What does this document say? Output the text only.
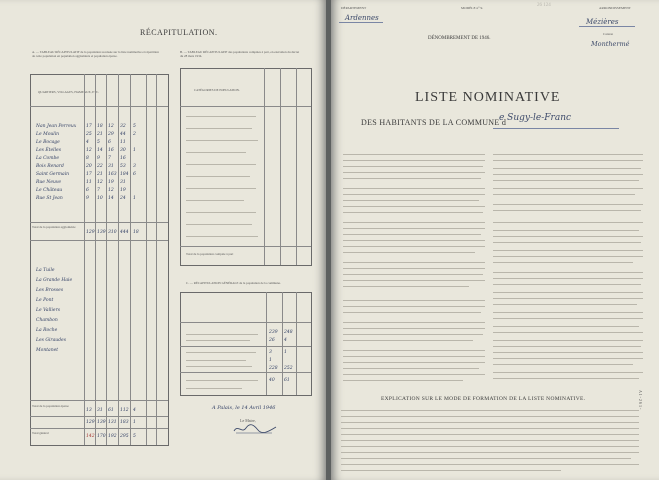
RÉCAPITULATION.
A. — TABLEAU RÉCAPITULATIF de la population recensée sur la liste nominative et répartition de cette population en population agglomérée et population éparse.
B. — TABLEAU RÉCAPITULATIF des populations comptées à part, en exécution du décret du 28 mars 1934.
QUARTIERS, VILLAGES, HAMEAUX, ETC.
Nan Jean Perreux
Le Moulin
Le Bocage
Les Ételles
La Combe
Bois Renard
Saint Germain
Rue Neuve
Le Château
Rue St Jean
17 18 12 32 5
25 21 29 44 2
4 5 6 11
12 14 16 30 1
8 9 7 16
20 22 31 53 3
17 21 163 184 6
11 12 19 31
6 7 12 19
9 10 14 24 1
Total de la population agglomérée
129 139 310 444 18
La Tuile
La Grande Haie
Les Brosses
Le Pont
Le Valliers
Chambon
La Roche
Les Giraudes
Montanet
Total de la population éparse
13 31 61 112 4
129 139 131 183 1
Total général
142 170 192 295 5
CATÉGORIES DE POPULATION.
Total de la population comptée à part
C. — RÉCAPITULATION GÉNÉRALE de la population de la commune.
239 248
26 4
3	1
1
228 252
40 61
A Palais, le 14 Avril 1946
Le Maire,
DÉPARTEMENT
Ardennes
MODÈLE n° 9.
DÉNOMBREMENT DE 1946.
ARRONDISSEMENT
Mézières
Canton
Monthermé
26 124
LISTE NOMINATIVE
DES HABITANTS DE LA COMMUNE d
e Sugy-le-Franc
EXPLICATION SUR LE MODE DE FORMATION DE LA LISTE NOMINATIVE.	A 1 - 2 6 1 -
